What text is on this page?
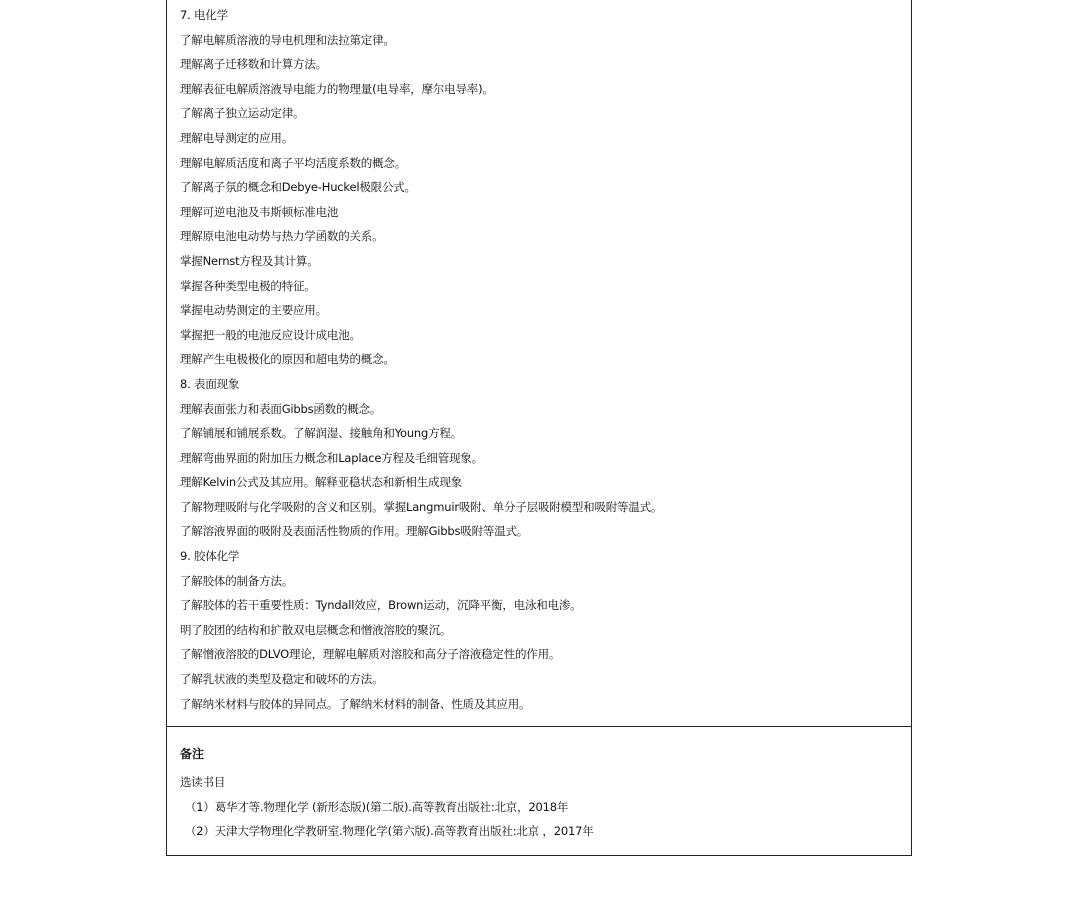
7. 电化学
了解电解质溶液的导电机理和法拉第定律。
理解离子迁移数和计算方法。
理解表征电解质溶液导电能力的物理量(电导率，摩尔电导率)。
了解离子独立运动定律。
理解电导测定的应用。
理解电解质活度和离子平均活度系数的概念。
了解离子氛的概念和Debye-Huckel极限公式。
理解可逆电池及韦斯顿标准电池
理解原电池电动势与热力学函数的关系。
掌握Nernst方程及其计算。
掌握各种类型电极的特征。
掌握电动势测定的主要应用。
掌握把一般的电池反应设计成电池。
理解产生电极极化的原因和超电势的概念。
8. 表面现象
理解表面张力和表面Gibbs函数的概念。
了解铺展和铺展系数。了解润湿、接触角和Young方程。
理解弯曲界面的附加压力概念和Laplace方程及毛细管现象。
理解Kelvin公式及其应用。解释亚稳状态和新相生成现象
了解物理吸附与化学吸附的含义和区别。掌握Langmuir吸附、单分子层吸附模型和吸附等温式。
了解溶液界面的吸附及表面活性物质的作用。理解Gibbs吸附等温式。
9. 胶体化学
了解胶体的制备方法。
了解胶体的若干重要性质：Tyndall效应，Brown运动，沉降平衡，电泳和电渗。
明了胶团的结构和扩散双电层概念和憎液溶胶的聚沉。
了解憎液溶胶的DLVO理论，理解电解质对溶胶和高分子溶液稳定性的作用。
了解乳状液的类型及稳定和破坏的方法。
了解纳米材料与胶体的异同点。了解纳米材料的制备、性质及其应用。
备注
选读书目
（1）葛华才等.物理化学 (新形态版)(第二版).高等教育出版社:北京，2018年
（2）天津大学物理化学教研室.物理化学(第六版).高等教育出版社:北京 ，2017年
